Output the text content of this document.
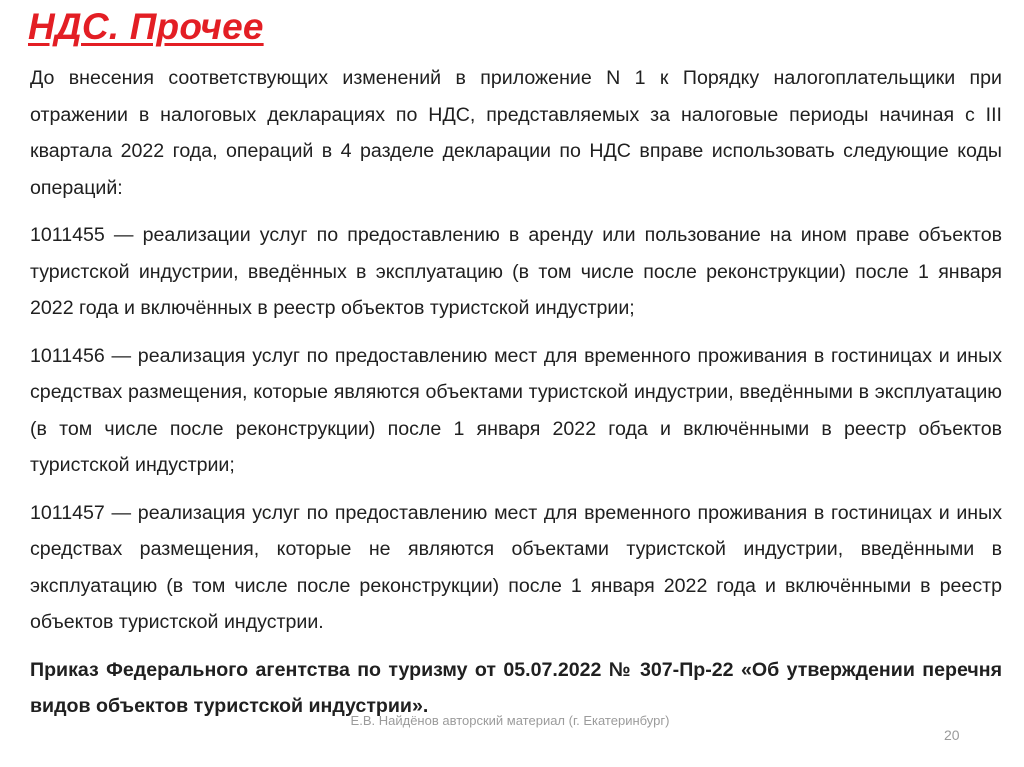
НДС. Прочее

До внесения соответствующих изменений в приложение N 1 к Порядку налогоплательщики при отражении в налоговых декларациях по НДС, представляемых за налоговые периоды начиная с III квартала 2022 года, операций в 4 разделе декларации по НДС вправе использовать следующие коды операций:

1011455 — реализации услуг по предоставлению в аренду или пользование на ином праве объектов туристской индустрии, введённых в эксплуатацию (в том числе после реконструкции) после 1 января 2022 года и включённых в реестр объектов туристской индустрии;

1011456 — реализация услуг по предоставлению мест для временного проживания в гостиницах и иных средствах размещения, которые являются объектами туристской индустрии, введёнными в эксплуатацию (в том числе после реконструкции) после 1 января 2022 года и включёнными в реестр объектов туристской индустрии;

1011457 — реализация услуг по предоставлению мест для временного проживания в гостиницах и иных средствах размещения, которые не являются объектами туристской индустрии, введёнными в эксплуатацию (в том числе после реконструкции) после 1 января 2022 года и включёнными в реестр объектов туристской индустрии.

Приказ Федерального агентства по туризму от 05.07.2022 № 307-Пр-22 «Об утверждении перечня видов объектов туристской индустрии».

Е.В. Найдёнов авторский материал (г. Екатеринбург)
20
